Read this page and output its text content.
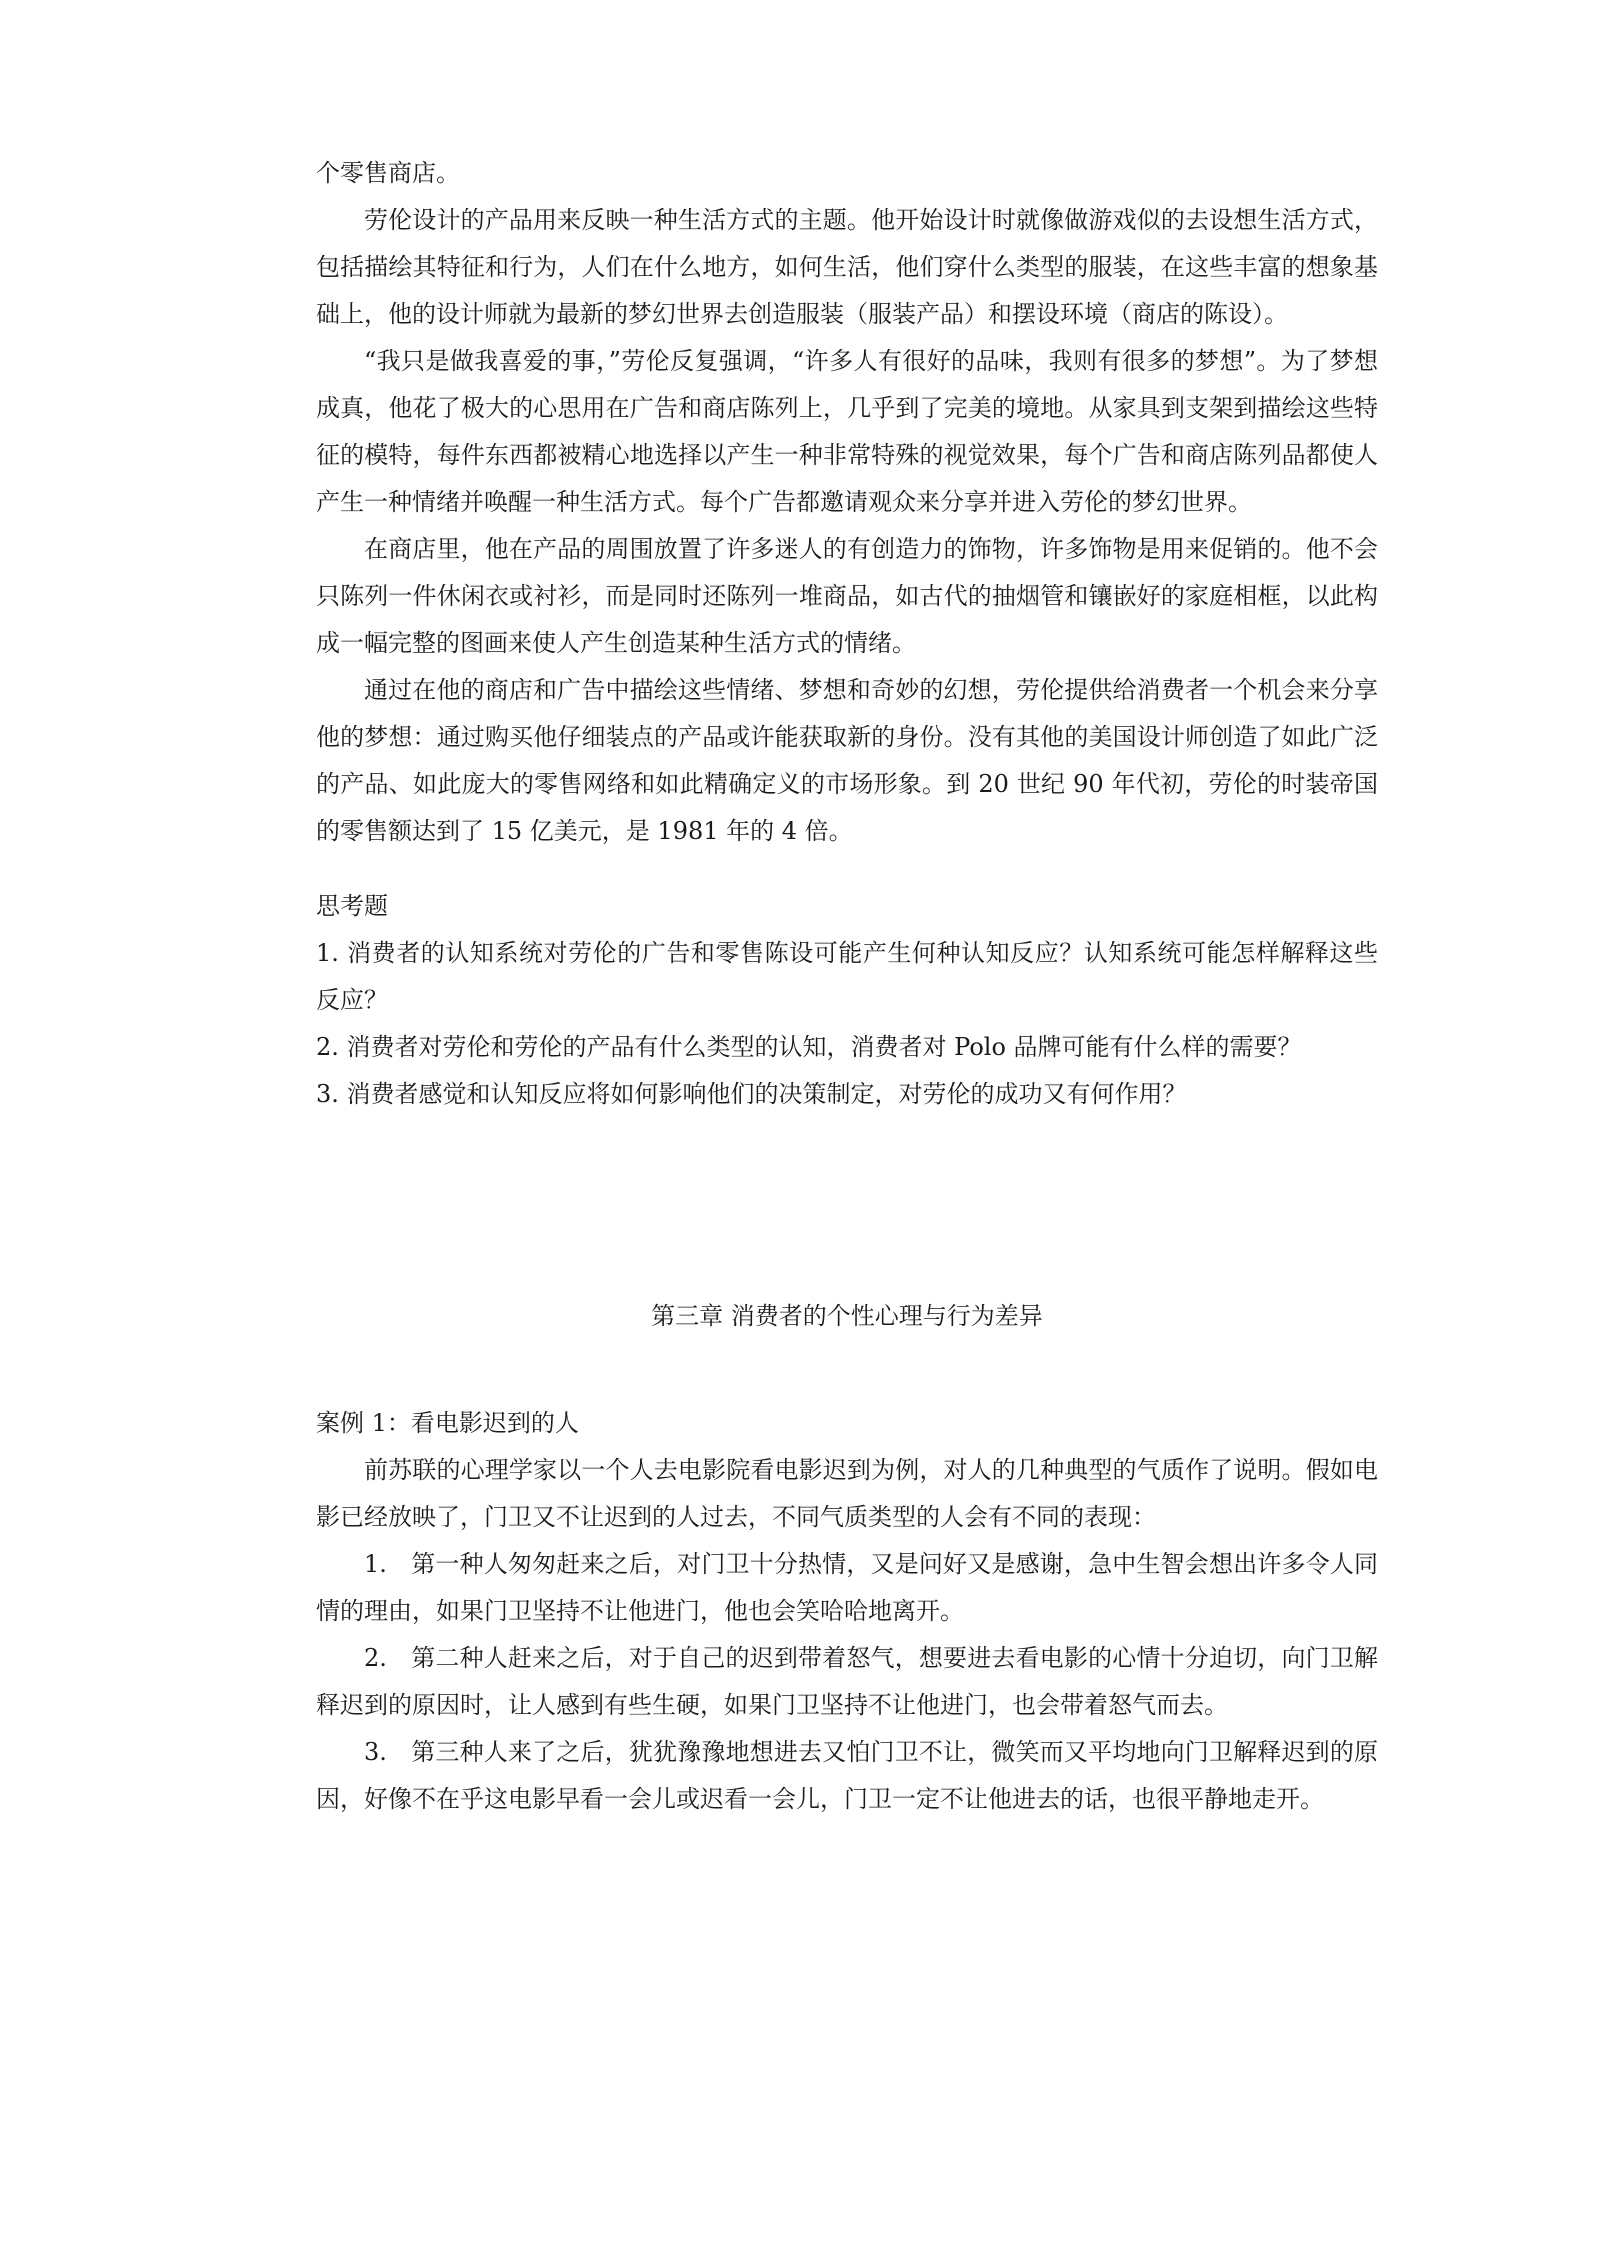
个零售商店。

劳伦设计的产品用来反映一种生活方式的主题。他开始设计时就像做游戏似的去设想生活方式，包括描绘其特征和行为，人们在什么地方，如何生活，他们穿什么类型的服装，在这些丰富的想象基础上，他的设计师就为最新的梦幻世界去创造服装（服装产品）和摆设环境（商店的陈设）。

“我只是做我喜爱的事，”劳伦反复强调，“许多人有很好的品味，我则有很多的梦想”。为了梦想成真，他花了极大的心思用在广告和商店陈列上，几乎到了完美的境地。从家具到支架到描绘这些特征的模特，每件东西都被精心地选择以产生一种非常特殊的视觉效果，每个广告和商店陈列品都使人产生一种情绪并唤醒一种生活方式。每个广告都邀请观众来分享并进入劳伦的梦幻世界。

在商店里，他在产品的周围放置了许多迷人的有创造力的饰物，许多饰物是用来促销的。他不会只陈列一件休闲衣或衬衫，而是同时还陈列一堆商品，如古代的抽烟管和镶嵌好的家庭相框，以此构成一幅完整的图画来使人产生创造某种生活方式的情绪。

通过在他的商店和广告中描绘这些情绪、梦想和奇妙的幻想，劳伦提供给消费者一个机会来分享他的梦想：通过购买他仔细装点的产品或许能获取新的身份。没有其他的美国设计师创造了如此广泛的产品、如此庞大的零售网络和如此精确定义的市场形象。到 20 世纪 90 年代初，劳伦的时装帝国的零售额达到了 15 亿美元，是 1981 年的 4 倍。

思考题

1. 消费者的认知系统对劳伦的广告和零售陈设可能产生何种认知反应？认知系统可能怎样解释这些反应？

2. 消费者对劳伦和劳伦的产品有什么类型的认知，消费者对 Polo 品牌可能有什么样的需要？

3. 消费者感觉和认知反应将如何影响他们的决策制定，对劳伦的成功又有何作用？

第三章 消费者的个性心理与行为差异

案例 1：看电影迟到的人

前苏联的心理学家以一个人去电影院看电影迟到为例，对人的几种典型的气质作了说明。假如电影已经放映了，门卫又不让迟到的人过去，不同气质类型的人会有不同的表现：

1.　第一种人匆匆赶来之后，对门卫十分热情，又是问好又是感谢，急中生智会想出许多令人同情的理由，如果门卫坚持不让他进门，他也会笑哈哈地离开。

2.　第二种人赶来之后，对于自己的迟到带着怒气，想要进去看电影的心情十分迫切，向门卫解释迟到的原因时，让人感到有些生硬，如果门卫坚持不让他进门，也会带着怒气而去。

3.　第三种人来了之后，犹犹豫豫地想进去又怕门卫不让，微笑而又平均地向门卫解释迟到的原因，好像不在乎这电影早看一会儿或迟看一会儿，门卫一定不让他进去的话，也很平静地走开。
